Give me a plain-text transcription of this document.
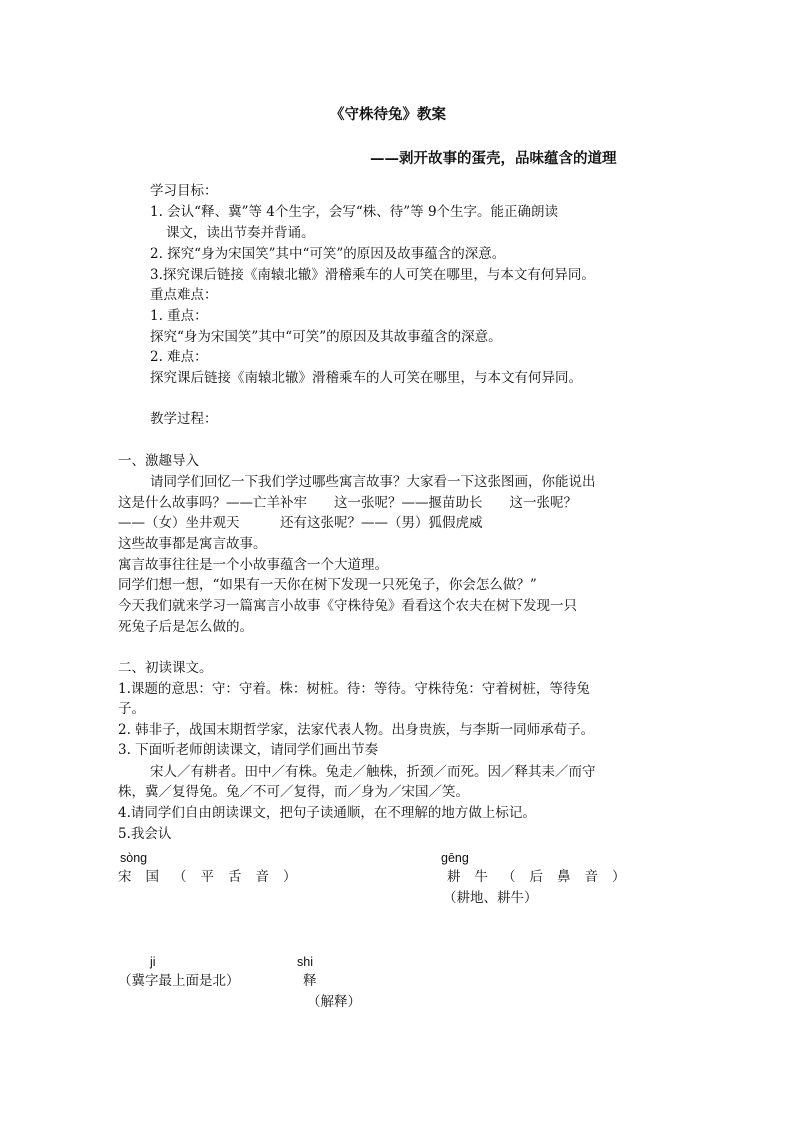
《守株待兔》教案
——剥开故事的蛋壳，品味蕴含的道理
学习目标：
1. 会认“释、冀”等 4个生字，会写“株、待”等 9个生字。能正确朗读
课文，读出节奏并背诵。
2. 探究“身为宋国笑”其中“可笑”的原因及故事蕴含的深意。
3.探究课后链接《南辕北辙》滑稽乘车的人可笑在哪里，与本文有何异同。
重点难点：
1. 重点：
探究“身为宋国笑”其中“可笑”的原因及其故事蕴含的深意。
2. 难点：
探究课后链接《南辕北辙》滑稽乘车的人可笑在哪里，与本文有何异同。
教学过程：
一、激趣导入
请同学们回忆一下我们学过哪些寓言故事？大家看一下这张图画，你能说出
这是什么故事吗？——亡羊补牢　　这一张呢？——揠苗助长　　这一张呢？
——（女）坐井观天　　　还有这张呢？——（男）狐假虎威
这些故事都是寓言故事。
寓言故事往往是一个小故事蕴含一个大道理。
同学们想一想，“如果有一天你在树下发现一只死兔子，你会怎么做？”
今天我们就来学习一篇寓言小故事《守株待兔》看看这个农夫在树下发现一只
死兔子后是怎么做的。
二、初读课文。
1.课题的意思：守：守着。株：树桩。待：等待。守株待兔：守着树桩，等待兔
子。
2. 韩非子，战国末期哲学家，法家代表人物。出身贵族，与李斯一同师承荀子。
3. 下面听老师朗读课文，请同学们画出节奏
宋人／有耕者。田中／有株。兔走／触株，折颈／而死。因／释其耒／而守
株，冀／复得兔。兔／不可／复得，而／身为／宋国／笑。
4.请同学们自由朗读课文，把句子读通顺，在不理解的地方做上标记。
5.我会认
sòng
宋国（平舌音）
gēng
耕牛（后鼻音）
（耕地、耕牛）
ji
（冀字最上面是北）
shi
释
（解释）
